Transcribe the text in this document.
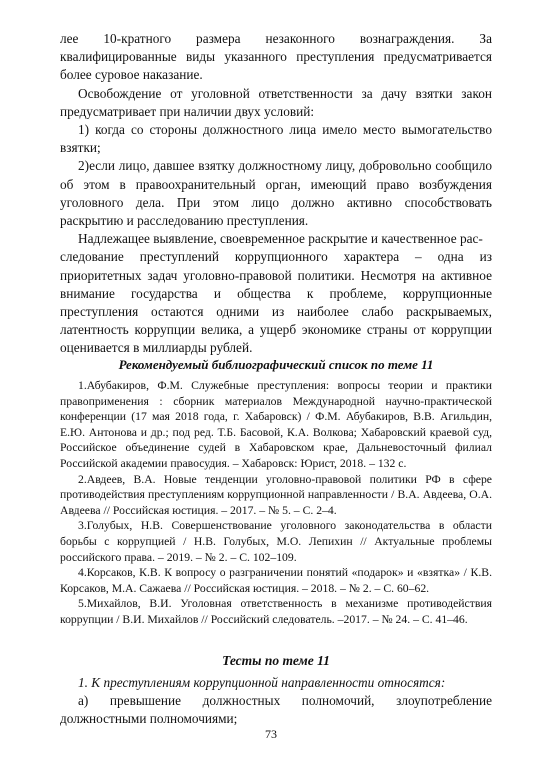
лее 10-кратного размера незаконного вознаграждения. За квалифицированные виды указанного преступления предусматривается более суровое наказание.

Освобождение от уголовной ответственности за дачу взятки закон предусматривает при наличии двух условий:

1) когда со стороны должностного лица имело место вымогательство взятки;

2)если лицо, давшее взятку должностному лицу, добровольно сообщило об этом в правоохранительный орган, имеющий право возбуждения уголовного дела. При этом лицо должно активно способствовать раскрытию и расследованию преступления.

Надлежащее выявление, своевременное раскрытие и качественное рас-

следование преступлений коррупционного характера – одна из приоритетных задач уголовно-правовой политики. Несмотря на активное внимание государства и общества к проблеме, коррупционные преступления остаются одними из наиболее слабо раскрываемых, латентность коррупции велика, а ущерб экономике страны от коррупции оценивается в миллиарды рублей.

Рекомендуемый библиографический список по теме 11

1.Абубакиров, Ф.М. Служебные преступления: вопросы теории и практики правоприменения : сборник материалов Международной научно-практической конференции (17 мая 2018 года, г. Хабаровск) / Ф.М. Абубакиров, В.В. Агильдин, Е.Ю. Антонова и др.; под ред. Т.Б. Басовой, К.А. Волкова; Хабаровский краевой суд, Российское объединение судей в Хабаровском крае, Дальневосточный филиал Российской академии правосудия. – Хабаровск: Юрист, 2018. – 132 с.

2.Авдеев, В.А. Новые тенденции уголовно-правовой политики РФ в сфере противодействия преступлениям коррупционной направленности / В.А. Авдеева, О.А. Авдеева // Российская юстиция. – 2017. – № 5. – С. 2–4.

3.Голубых, Н.В. Совершенствование уголовного законодательства в области борьбы с коррупцией / Н.В. Голубых, М.О. Лепихин // Актуальные проблемы российского права. – 2019. – № 2. – С. 102–109.

4.Корсаков, К.В. К вопросу о разграничении понятий «подарок» и «взятка» / К.В. Корсаков, М.А. Сажаева // Российская юстиция. – 2018. – № 2. – С. 60–62.

5.Михайлов, В.И. Уголовная ответственность в механизме противодействия коррупции / В.И. Михайлов // Российский следователь. –2017. – № 24. – С. 41–46.

Тесты по теме 11

1. К преступлениям коррупционной направленности относятся:

а) превышение должностных полномочий, злоупотребление должностными полномочиями;

73
